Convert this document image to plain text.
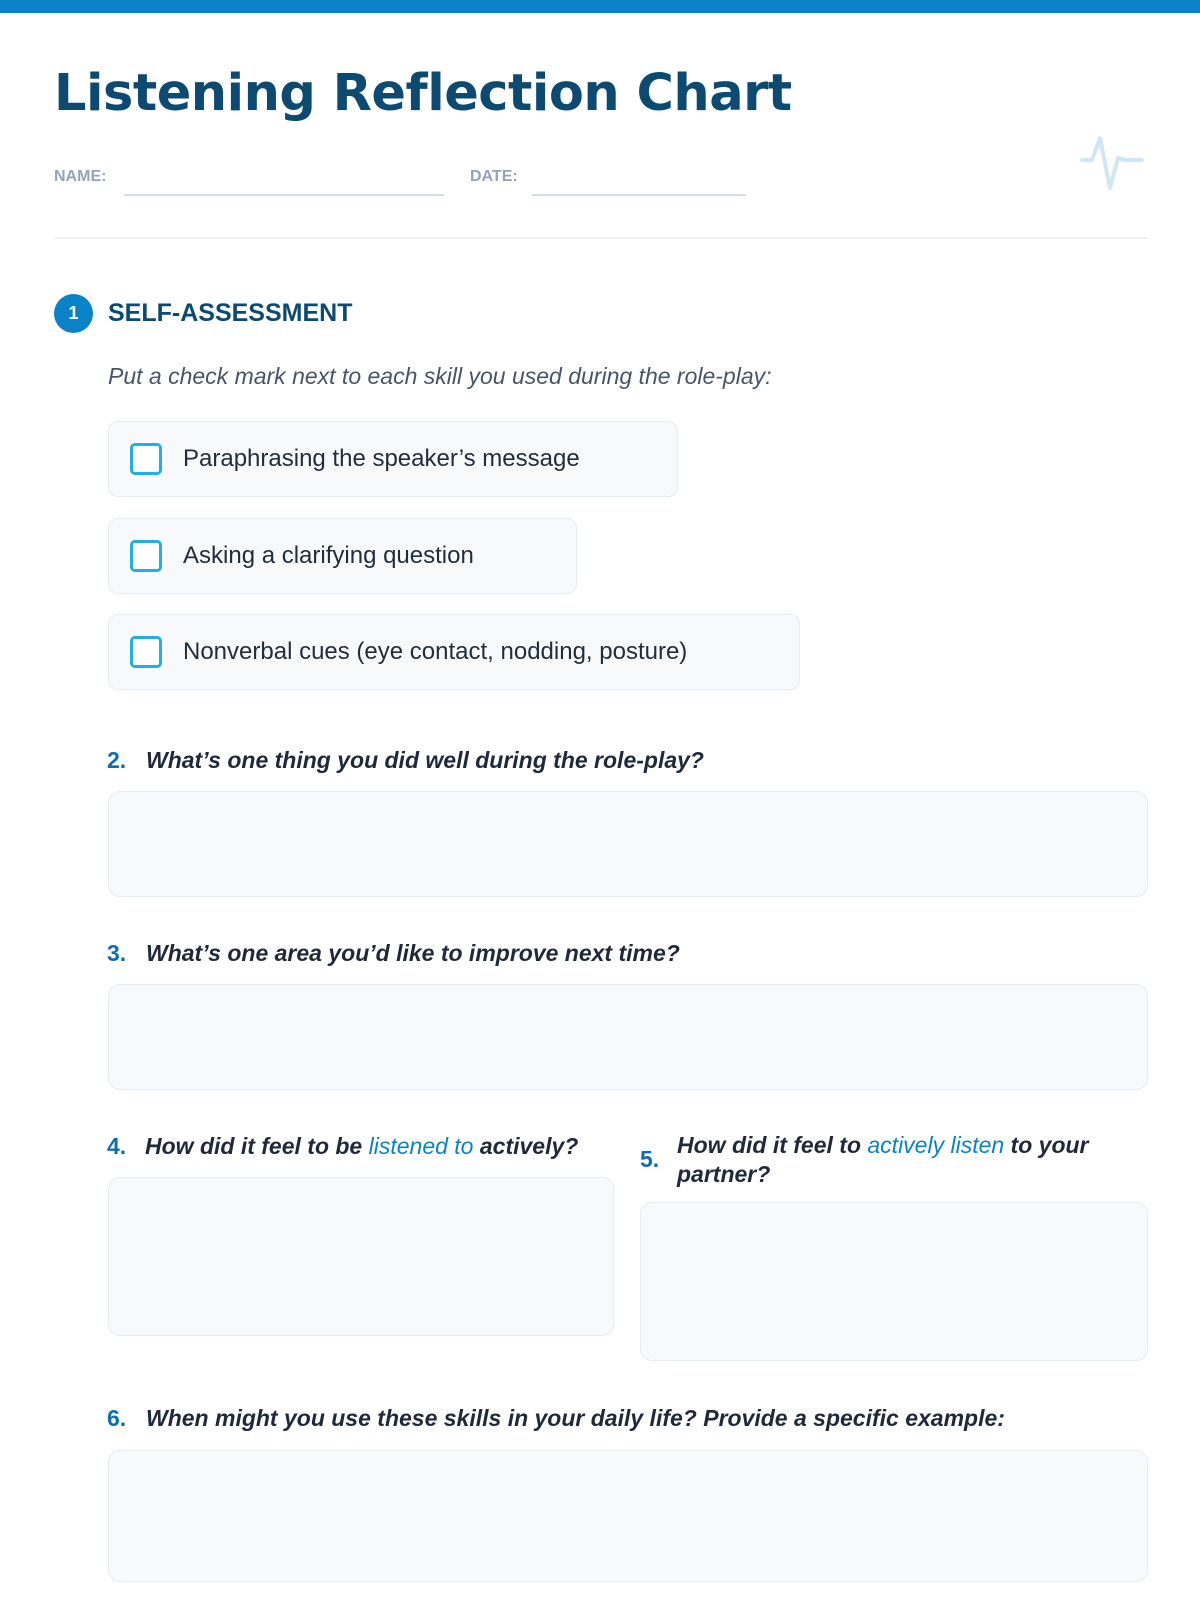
Listening Reflection Chart
NAME:	DATE:
1	SELF-ASSESSMENT

Put a check mark next to each skill you used during the role-play:

Paraphrasing the speaker’s message
Asking a clarifying question
Nonverbal cues (eye contact, nodding, posture)
2. What’s one thing you did well during the role-play?
3. What’s one area you’d like to improve next time?
4. How did it feel to be listened to actively?	5.
How did it feel to actively listen to your partner?
6. When might you use these skills in your daily life? Provide a specific example:
